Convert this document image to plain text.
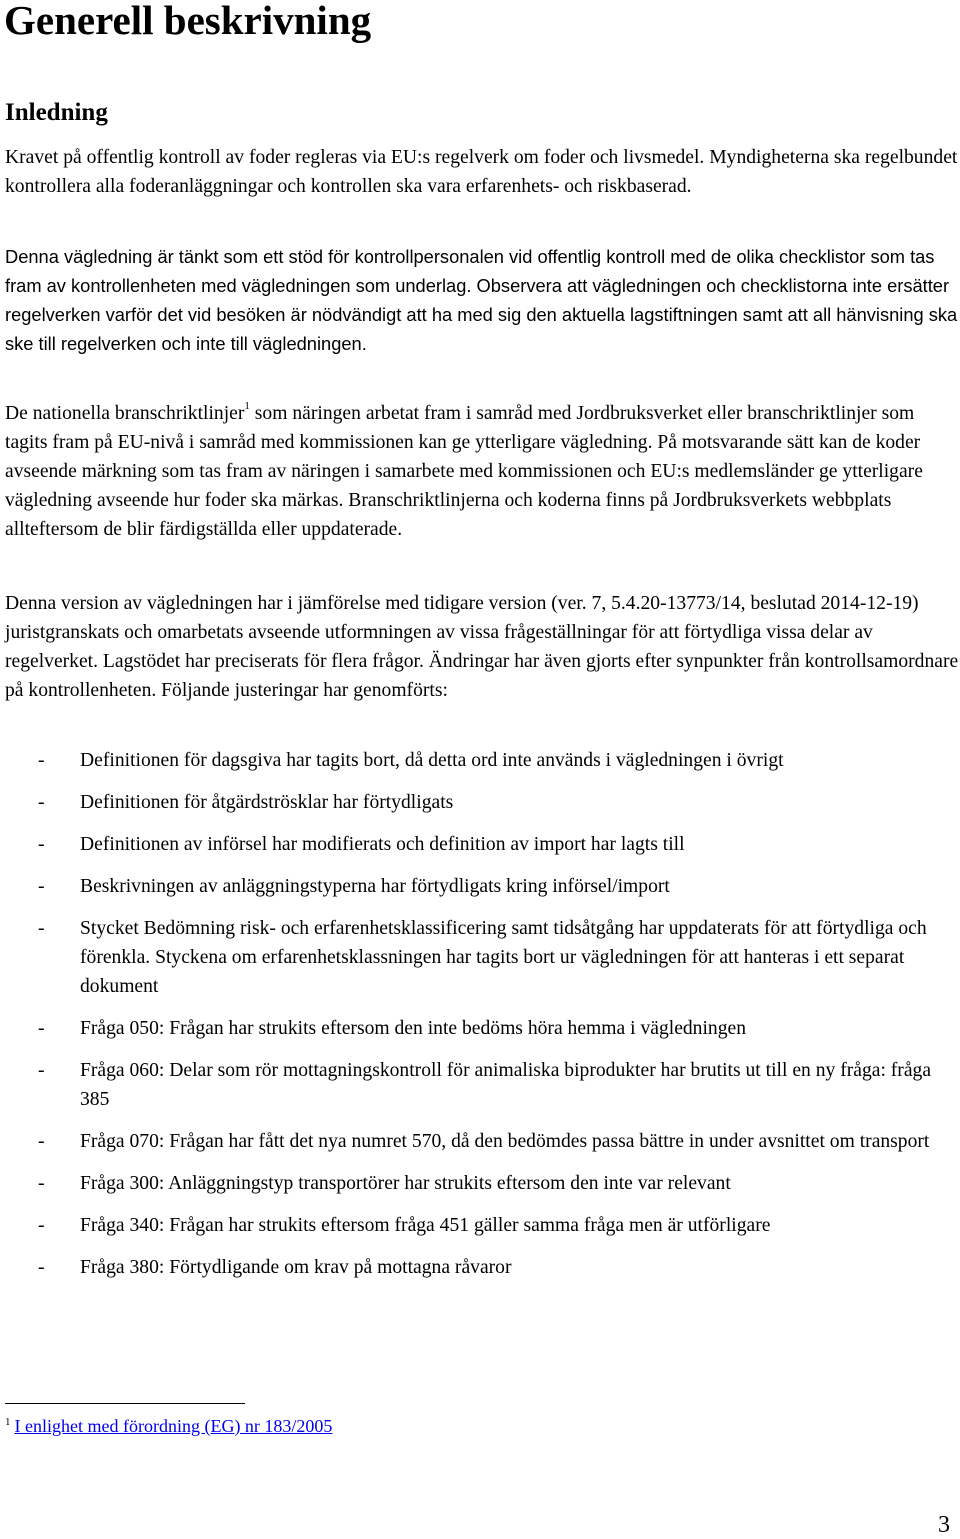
Generell beskrivning
Inledning

Kravet på offentlig kontroll av foder regleras via EU:s regelverk om foder och livsmedel. Myndigheterna ska regelbundet kontrollera alla foderanläggningar och kontrollen ska vara erfarenhets- och riskbaserad.

Denna vägledning är tänkt som ett stöd för kontrollpersonalen vid offentlig kontroll med de olika checklistor som tas fram av kontrollenheten med vägledningen som underlag. Observera att vägledningen och checklistorna inte ersätter regelverken varför det vid besöken är nödvändigt att ha med sig den aktuella lagstiftningen samt att all hänvisning ska ske till regelverken och inte till vägledningen.

De nationella branschriktlinjer$^1$ som näringen arbetat fram i samråd med Jordbruksverket eller branschriktlinjer som tagits fram på EU-nivå i samråd med kommissionen kan ge ytterligare vägledning. På motsvarande sätt kan de koder avseende märkning som tas fram av näringen i samarbete med kommissionen och EU:s medlemsländer ge ytterligare vägledning avseende hur foder ska märkas. Branschriktlinjerna och koderna finns på Jordbruksverkets webbplats allteftersom de blir färdigställda eller uppdaterade.

Denna version av vägledningen har i jämförelse med tidigare version (ver. 7, 5.4.20-13773/14, beslutad 2014-12-19) juristgranskats och omarbetats avseende utformningen av vissa frågeställningar för att förtydliga vissa delar av regelverket. Lagstödet har preciserats för flera frågor. Ändringar har även gjorts efter synpunkter från kontrollsamordnare på kontrollenheten. Följande justeringar har genomförts:

- Definitionen för dagsgiva har tagits bort, då detta ord inte används i vägledningen i övrigt
- Definitionen för åtgärdströsklar har förtydligats
- Definitionen av införsel har modifierats och definition av import har lagts till
- Beskrivningen av anläggningstyperna har förtydligats kring införsel/import
- Stycket Bedömning risk- och erfarenhetsklassificering samt tidsåtgång har uppdaterats för att förtydliga och förenkla. Styckena om erfarenhetsklassningen har tagits bort ur vägledningen för att hanteras i ett separat dokument
- Fråga 050: Frågan har strukits eftersom den inte bedöms höra hemma i vägledningen
- Fråga 060: Delar som rör mottagningskontroll för animaliska biprodukter har brutits ut till en ny fråga: fråga 385
- Fråga 070: Frågan har fått det nya numret 570, då den bedömdes passa bättre in under avsnittet om transport
- Fråga 300: Anläggningstyp transportörer har strukits eftersom den inte var relevant
- Fråga 340: Frågan har strukits eftersom fråga 451 gäller samma fråga men är utförligare
- Fråga 380: Förtydligande om krav på mottagna råvaror
$^1$ I enlighet med förordning (EG) nr 183/2005
3
